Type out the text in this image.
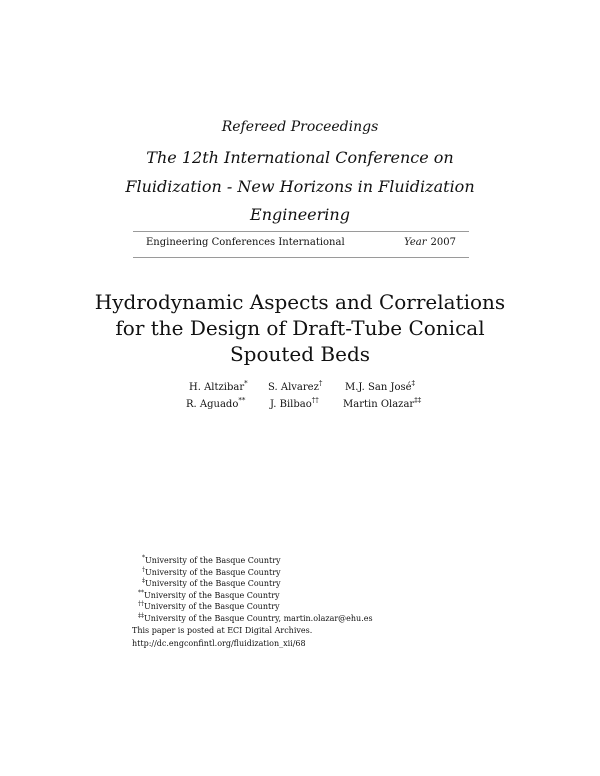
Refereed Proceedings
The 12th International Conference on
Fluidization - New Horizons in Fluidization
Engineering
Engineering Conferences International	Year 2007
Hydrodynamic Aspects and Correlations
for the Design of Draft-Tube Conical
Spouted Beds
H. Altzibar* S. Alvarez† M.J. San José‡
R. Aguado** J. Bilbao†† Martin Olazar‡‡
*University of the Basque Country
†University of the Basque Country
‡University of the Basque Country
**University of the Basque Country
††University of the Basque Country
‡‡University of the Basque Country, martin.olazar@ehu.es
This paper is posted at ECI Digital Archives.
http://dc.engconfintl.org/fluidization_xii/68
